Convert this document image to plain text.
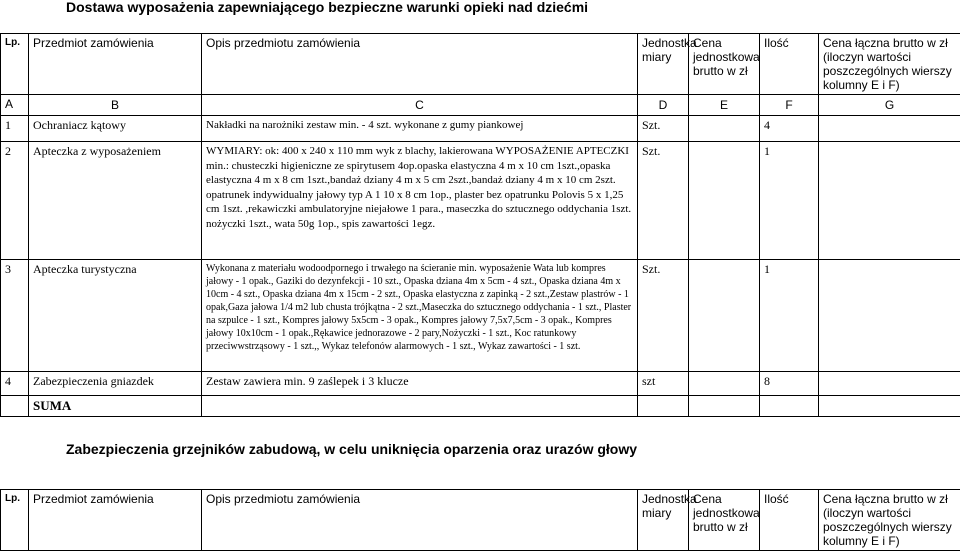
Dostawa wyposażenia zapewniającego bezpieczne warunki opieki nad dziećmi
Lp.	Przedmiot zamówienia	Opis przedmiotu zamówienia	Jednostka miary	Cena jednostkowa brutto w zł	Ilość	Cena łączna brutto w zł (iloczyn wartości poszczególnych wierszy kolumny E i F)
A	B	C	D	E	F	G
1	Ochraniacz kątowy	Nakładki na narożniki zestaw min. - 4 szt. wykonane z gumy piankowej	Szt.		4	
2	Apteczka z wyposażeniem	WYMIARY: ok: 400 x 240 x 110 mm wyk z blachy, lakierowana WYPOSAŻENIE APTECZKI min.: chusteczki higieniczne ze spirytusem 4op.opaska elastyczna 4 m x 10 cm 1szt.,opaska elastyczna 4 m x 8 cm 1szt.,bandaż dziany 4 m x 5 cm 2szt.,bandaż dziany 4 m x 10 cm 2szt. opatrunek indywidualny jałowy typ A 1 10 x 8 cm 1op., plaster bez opatrunku Polovis 5 x 1,25 cm 1szt. ,rekawiczki ambulatoryjne niejałowe 1 para., maseczka do sztucznego oddychania 1szt. nożyczki 1szt., wata 50g 1op., spis zawartości 1egz.	Szt.		1	
3	Apteczka turystyczna	Wykonana z materiału wodoodpornego i trwałego na ścieranie min. wyposażenie Wata lub kompres jałowy - 1 opak., Gaziki do dezynfekcji - 10 szt., Opaska dziana 4m x 5cm - 4 szt., Opaska dziana 4m x 10cm - 4 szt., Opaska dziana 4m x 15cm - 2 szt., Opaska elastyczna z zapinką - 2 szt.,Zestaw plastrów - 1 opak,Gaza jałowa 1/4 m2 lub chusta trójkątna - 2 szt.,Maseczka do sztucznego oddychania - 1 szt., Plaster na szpulce - 1 szt., Kompres jałowy 5x5cm - 3 opak., Kompres jałowy 7,5x7,5cm - 3 opak., Kompres jałowy 10x10cm - 1 opak.,Rękawice jednorazowe - 2 pary,Nożyczki - 1 szt., Koc ratunkowy przeciwwstrząsowy - 1 szt.,, Wykaz telefonów alarmowych - 1 szt., Wykaz zawartości - 1 szt.	Szt.		1	
4	Zabezpieczenia gniazdek	Zestaw zawiera min. 9 zaślepek i 3 klucze	szt		8	
	SUMA					
Zabezpieczenia grzejników zabudową, w celu uniknięcia oparzenia oraz urazów głowy
Lp.	Przedmiot zamówienia	Opis przedmiotu zamówienia	Jednostka miary	Cena jednostkowa brutto w zł	Ilość	Cena łączna brutto w zł (iloczyn wartości poszczególnych wierszy kolumny E i F)
